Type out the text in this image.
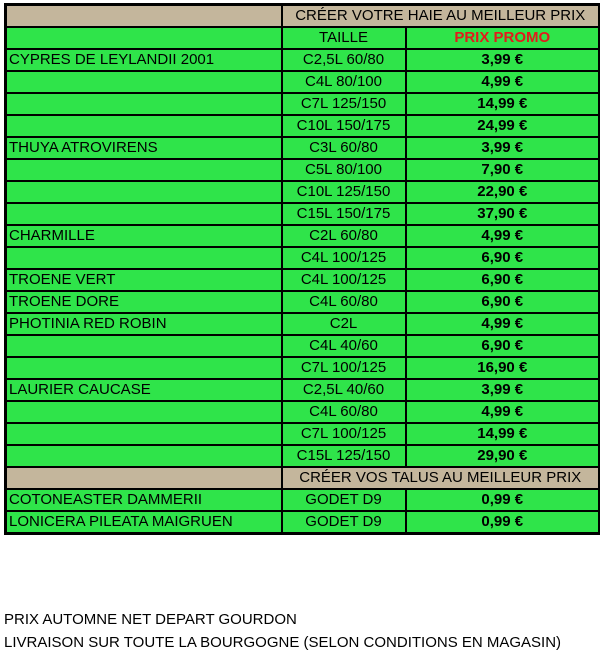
	CRÉER VOTRE HAIE AU MEILLEUR PRIX	
	TAILLE	PRIX PROMO
CYPRES DE LEYLANDII 2001	C2,5L 60/80	3,99 €
	C4L 80/100	4,99 €
	C7L 125/150	14,99 €
	C10L 150/175	24,99 €
THUYA ATROVIRENS	C3L 60/80	3,99 €
	C5L 80/100	7,90 €
	C10L 125/150	22,90 €
	C15L 150/175	37,90 €
CHARMILLE	C2L 60/80	4,99 €
	C4L 100/125	6,90 €
TROENE VERT	C4L 100/125	6,90 €
TROENE DORE	C4L 60/80	6,90 €
PHOTINIA RED ROBIN	C2L	4,99 €
	C4L 40/60	6,90 €
	C7L 100/125	16,90 €
LAURIER CAUCASE	C2,5L 40/60	3,99 €
	C4L 60/80	4,99 €
	C7L 100/125	14,99 €
	C15L 125/150	29,90 €
	CRÉER VOS TALUS AU MEILLEUR PRIX	
COTONEASTER DAMMERII	GODET D9	0,99 €
LONICERA PILEATA MAIGRUEN	GODET D9	0,99 €
PRIX AUTOMNE NET DEPART GOURDON
LIVRAISON SUR TOUTE LA BOURGOGNE (SELON CONDITIONS EN MAGASIN)
